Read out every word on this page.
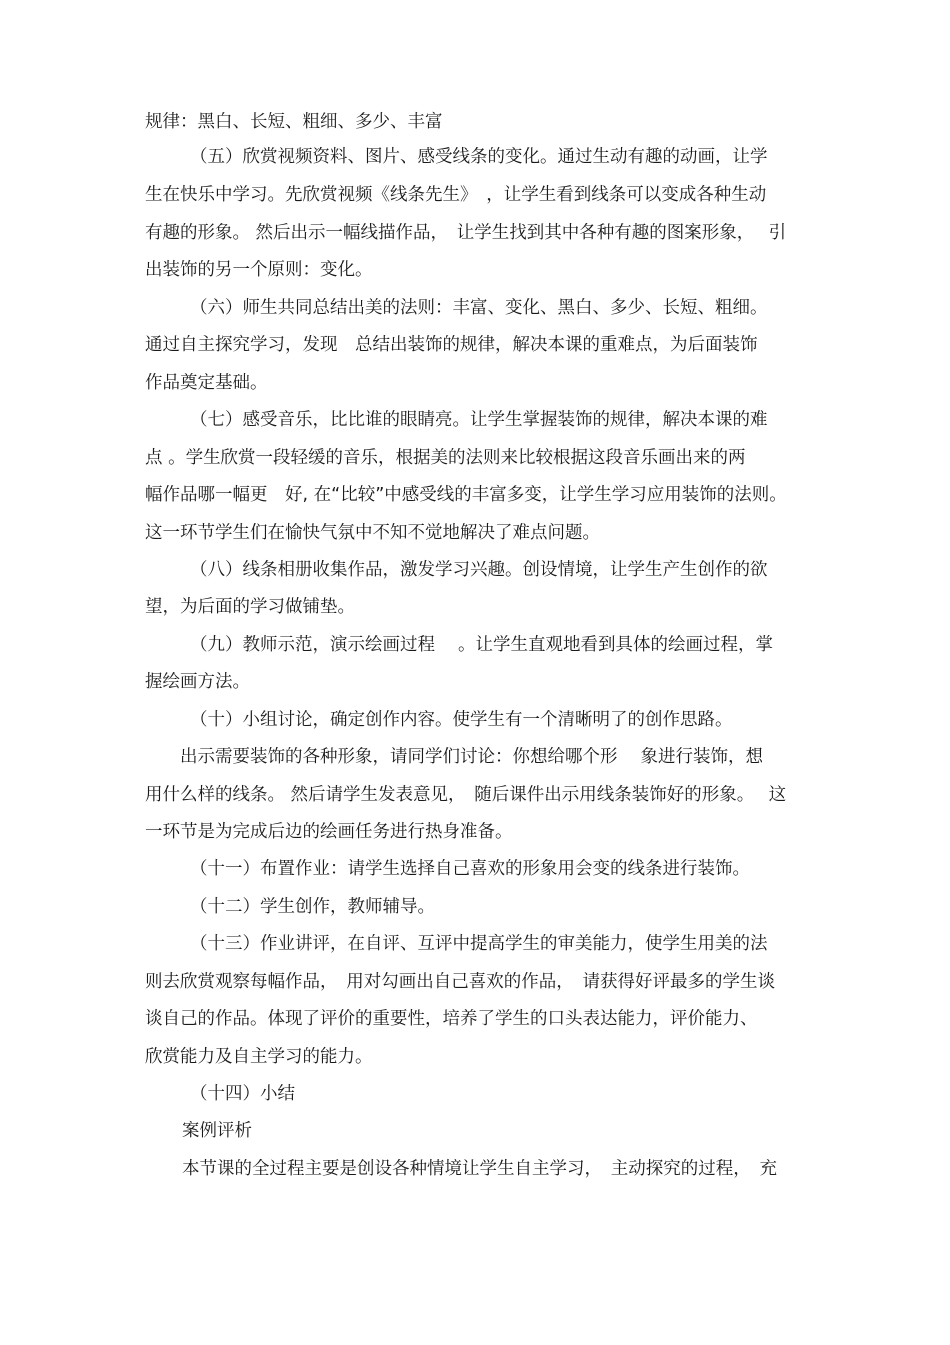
规律：黑白、长短、粗细、多少、丰富
（五）欣赏视频资料、图片、感受线条的变化。通过生动有趣的动画，让学
生在快乐中学习。先欣赏视频《线条先生》　，让学生看到线条可以变成各种生动
有趣的形象。 然后出示一幅线描作品，　让学生找到其中各种有趣的图案形象，　 引
出装饰的另一个原则：变化。
（六）师生共同总结出美的法则：丰富、变化、黑白、多少、长短、粗细。
通过自主探究学习，发现　总结出装饰的规律，解决本课的重难点，为后面装饰
作品奠定基础。
（七）感受音乐，比比谁的眼睛亮。让学生掌握装饰的规律，解决本课的难
点 。学生欣赏一段轻缓的音乐，根据美的法则来比较根据这段音乐画出来的两
幅作品哪一幅更　好, 在“比较”中感受线的丰富多变，让学生学习应用装饰的法则。
这一环节学生们在愉快气氛中不知不觉地解决了难点问题。
（八）线条相册收集作品，激发学习兴趣。创设情境，让学生产生创作的欲
望，为后面的学习做铺垫。
（九）教师示范，演示绘画过程　 。让学生直观地看到具体的绘画过程，掌
握绘画方法。
（十）小组讨论，确定创作内容。使学生有一个清晰明了的创作思路。
出示需要装饰的各种形象，请同学们讨论：你想给哪个形　 象进行装饰，想
用什么样的线条。 然后请学生发表意见，　随后课件出示用线条装饰好的形象。　 这
一环节是为完成后边的绘画任务进行热身准备。
（十一）布置作业：请学生选择自己喜欢的形象用会变的线条进行装饰。
（十二）学生创作，教师辅导。
（十三）作业讲评，在自评、互评中提高学生的审美能力，使学生用美的法
则去欣赏观察每幅作品，　用对勾画出自己喜欢的作品，　请获得好评最多的学生谈
谈自己的作品。体现了评价的重要性，培养了学生的口头表达能力，评价能力、
欣赏能力及自主学习的能力。
（十四）小结
案例评析
本节课的全过程主要是创设各种情境让学生自主学习，　主动探究的过程，　充
